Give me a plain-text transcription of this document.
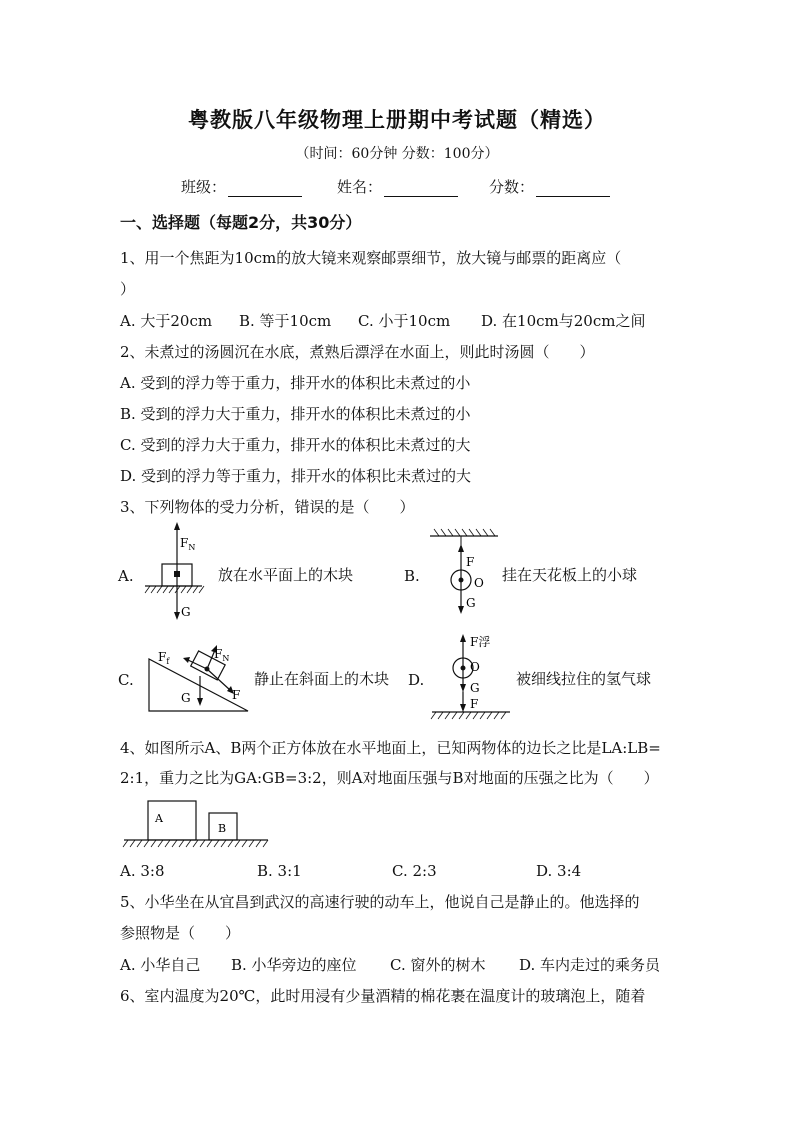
粤教版八年级物理上册期中考试题（精选）
（时间：60分钟 分数：100分）
班级：	姓名：	分数：
一、选择题（每题2分，共30分）
1、用一个焦距为10cm的放大镜来观察邮票细节，放大镜与邮票的距离应（
）
A. 大于20cm B. 等于10cm C. 小于10cm D. 在10cm与20cm之间
2、未煮过的汤圆沉在水底，煮熟后漂浮在水面上，则此时汤圆（　　）
A. 受到的浮力等于重力，排开水的体积比未煮过的小
B. 受到的浮力大于重力，排开水的体积比未煮过的小
C. 受到的浮力大于重力，排开水的体积比未煮过的大
D. 受到的浮力等于重力，排开水的体积比未煮过的大
3、下列物体的受力分析，错误的是（　　）
A.	放在水平面上的木块	B.	挂在天花板上的小球
C.	静止在斜面上的木块 D.	被细线拉住的氢气球
$F_N$
G
F
O
G
$F_f$
$F_N$
F
G
F浮
O
G
F
4、如图所示A、B两个正方体放在水平地面上，已知两物体的边长之比是LA:LB=
2:1，重力之比为GA:GB=3:2，则A对地面压强与B对地面的压强之比为（　　）
A
B
A. 3:8	B. 3:1	C. 2:3	D. 3:4
5、小华坐在从宜昌到武汉的高速行驶的动车上，他说自己是静止的。他选择的
参照物是（　　）
A. 小华自己 B. 小华旁边的座位 C. 窗外的树木 D. 车内走过的乘务员
6、室内温度为20℃，此时用浸有少量酒精的棉花裹在温度计的玻璃泡上，随着
